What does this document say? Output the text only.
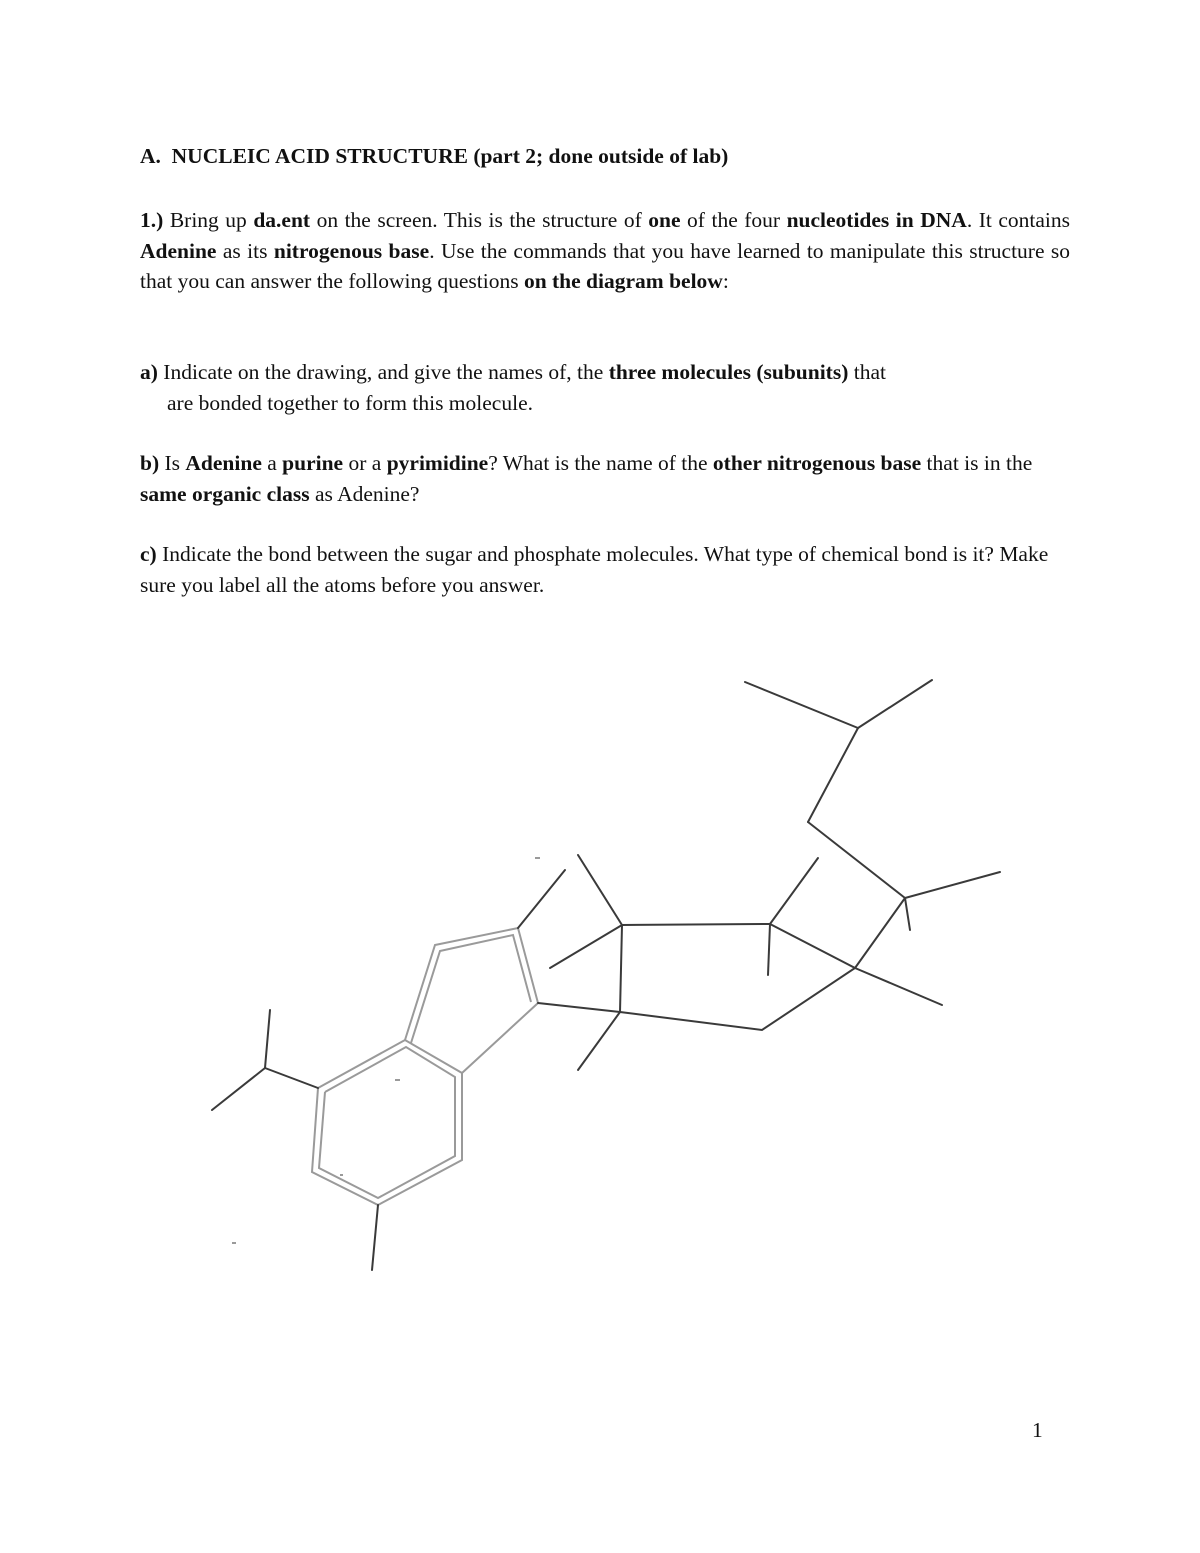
A. NUCLEIC ACID STRUCTURE (part 2; done outside of lab)
1.) Bring up da.ent on the screen. This is the structure of one of the four nucleotides in DNA. It contains Adenine as its nitrogenous base. Use the commands that you have learned to manipulate this structure so that you can answer the following questions on the diagram below:
a) Indicate on the drawing, and give the names of, the three molecules (subunits) that
are bonded together to form this molecule.
b) Is Adenine a purine or a pyrimidine? What is the name of the other nitrogenous base that is in the same organic class as Adenine?
c) Indicate the bond between the sugar and phosphate molecules. What type of chemical bond is it? Make sure you label all the atoms before you answer.
1
